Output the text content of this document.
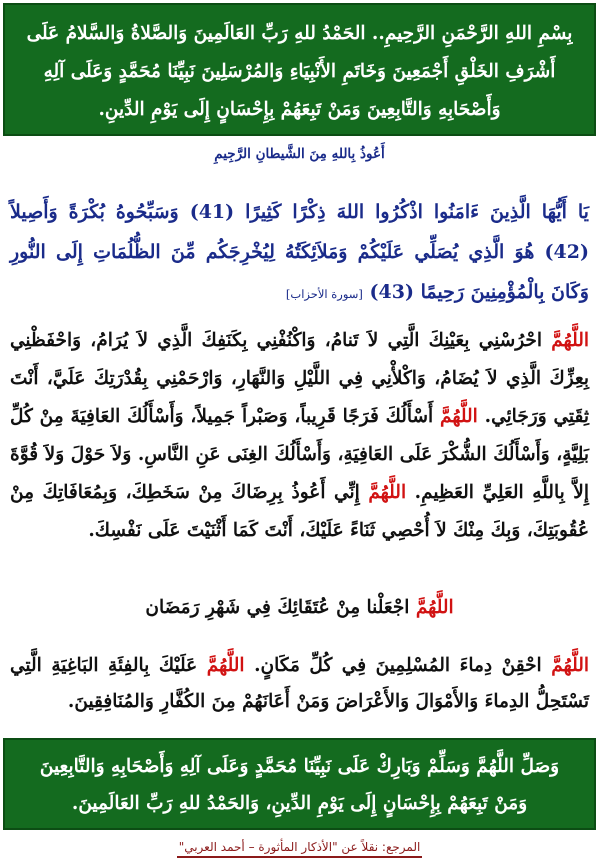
بِسْمِ اللهِ الرَّحْمَنِ الرَّحِيمِ.. الحَمْدُ للهِ رَبِّ العَالَمِينَ وَالصَّلاةُ وَالسَّلامُ عَلَى أَشْرَفِ الخَلْقِ أَجْمَعِينَ وَخَاتَمِ الأَنْبِيَاءِ وَالمُرْسَلِينَ نَبِيِّنَا مُحَمَّدٍ وَعَلَى آلِهِ وَأَصْحَابِهِ وَالتَّابِعِينَ وَمَنْ تَبِعَهُمْ بِإِحْسَانٍ إِلَى يَوْمِ الدِّينِ.
أَعُوذُ بِاللهِ مِنَ الشَّيطانِ الرَّجِيمِ
يَا أَيُّهَا الَّذِينَ ءَامَنُوا اذْكُرُوا اللهَ ذِكْرًا كَثِيرًا (41) وَسَبِّحُوهُ بُكْرَةً وَأَصِيلاً (42) هُوَ الَّذِي يُصَلِّي عَلَيْكُمْ وَمَلاَئِكَتُهُ لِيُخْرِجَكُم مِّنَ الظُّلُمَاتِ إِلَى النُّورِ وَكَانَ بِالْمُؤْمِنِينَ رَحِيمًا (43) [سورة الأحزاب]
اللَّهُمَّ احْرُسْنِي بِعَيْنِكَ الَّتِي لاَ تَنامُ، وَاكْنُفْنِي بِكَنَفِكَ الَّذِي لاَ يُرَامُ، وَاحْفَظْنِي بِعِزِّكَ الَّذِي لاَ يُضَامُ، وَاكْلأْنِي فِي اللَّيْلِ وَالنَّهَارِ، وَارْحَمْنِي بِقُدْرَتِكَ عَلَيَّ، أَنْتَ ثِقَتِي وَرَجَائِي. اللَّهُمَّ أَسْأَلُكَ فَرَجًا قَرِيباً، وَصَبْراً جَمِيلاً، وَأَسْأَلُكَ العَافِيَةَ مِنْ كُلِّ بَلِيَّةٍ، وَأَسْأَلُكَ الشُّكْرَ عَلَى العَافِيَةِ، وَأَسْأَلُكَ الغِنَى عَنِ النَّاسِ. وَلاَ حَوْلَ وَلاَ قُوَّةَ إِلاَّ بِاللَّهِ العَلِيِّ العَظِيمِ. اللَّهُمَّ إِنِّي أَعُوذُ بِرِضَاكَ مِنْ سَخَطِكَ، وَبِمُعَافَاتِكَ مِنْ عُقُوبَتِكَ، وَبِكَ مِنْكَ لاَ أُحْصِي ثَنَاءً عَلَيْكَ، أَنْتَ كَمَا أَثْنَيْتَ عَلَى نَفْسِكَ.
اللَّهُمَّ اجْعَلْنا مِنْ عُتَقَائِكَ فِي شَهْرِ رَمَضَان
اللَّهُمَّ احْقِنْ دِماءَ المُسْلِمِينَ فِي كُلِّ مَكَانٍ. اللَّهُمَّ عَلَيْكَ بِالفِئَةِ البَاغِيَةِ الَّتِي تَسْتَحِلُّ الدِماءَ وَالأَمْوَالَ وَالأَعْرَاضَ وَمَنْ أَعَانَهُمْ مِنَ الكُفَّارِ وَالمُنَافِقِينَ.
وَصَلِّ اللَّهُمَّ وَسَلِّمْ وَبَارِكْ عَلَى نَبِيِّنَا مُحَمَّدٍ وَعَلَى آلِهِ وَأَصْحَابِهِ وَالتَّابِعِينَ وَمَنْ تَبِعَهُمْ بِإِحْسَانٍ إِلَى يَوْمِ الدِّينِ، وَالحَمْدُ للهِ رَبِّ العَالَمِينَ.
المرجع: نقلاً عن "الأذكار المأثورة – أحمد العربي"
